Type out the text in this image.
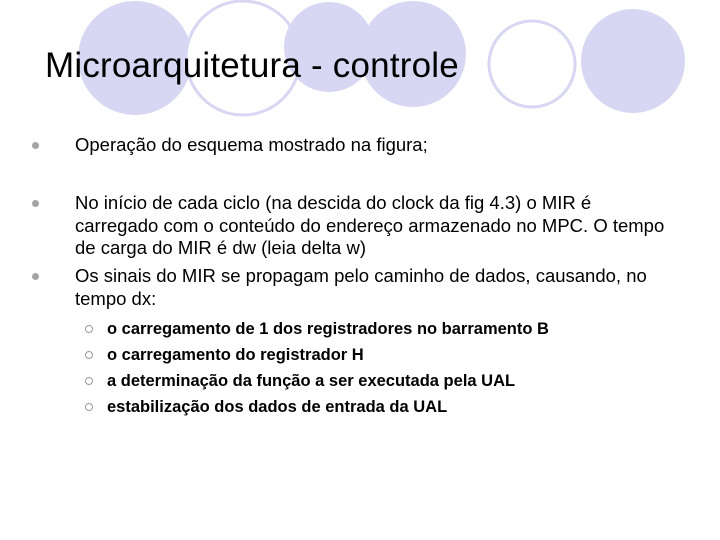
Microarquitetura - controle
Operação do esquema mostrado na figura;
No início de cada ciclo (na descida do clock da fig 4.3) o MIR é carregado com o conteúdo do endereço armazenado no MPC. O tempo de carga do MIR é dw (leia delta w)
Os sinais do MIR se propagam pelo caminho de dados, causando, no tempo dx:
o carregamento de 1 dos registradores no barramento B
o carregamento do registrador H
a determinação da função a ser executada pela UAL
estabilização dos dados de entrada da UAL
